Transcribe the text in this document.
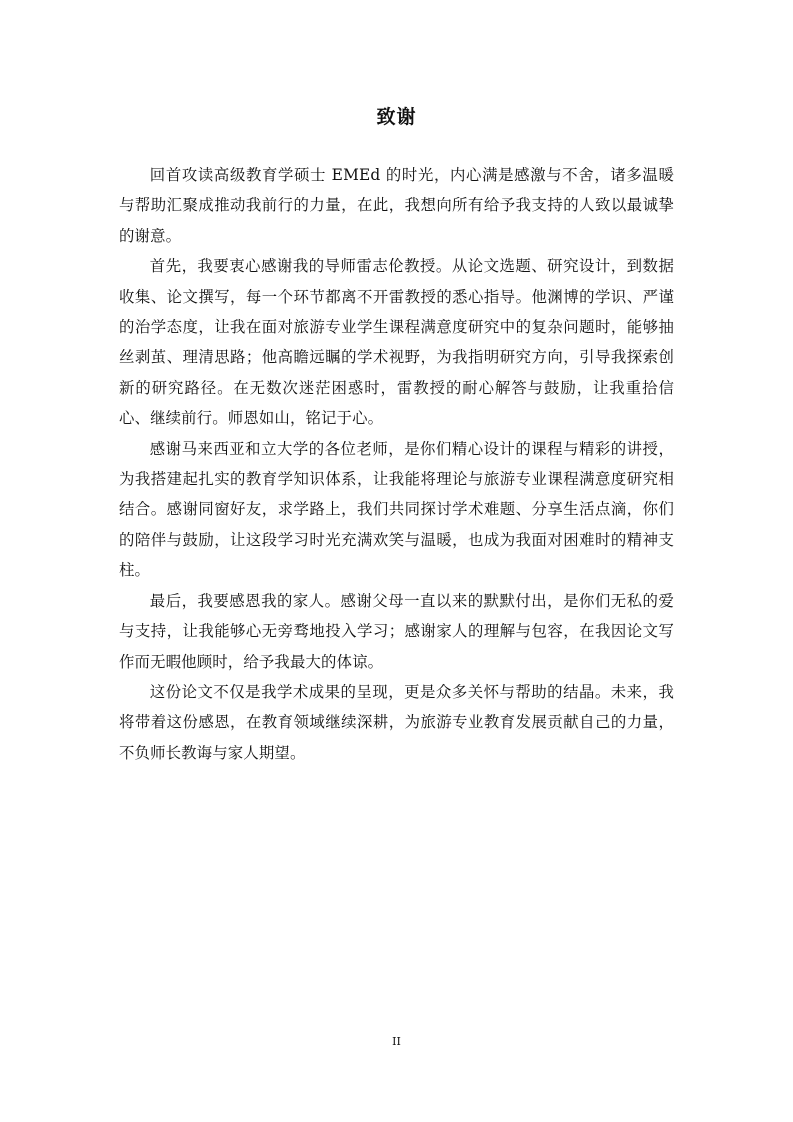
致谢

回首攻读高级教育学硕士 EMEd 的时光，内心满是感激与不舍，诸多温暖与帮助汇聚成推动我前行的力量，在此，我想向所有给予我支持的人致以最诚挚的谢意。

首先，我要衷心感谢我的导师雷志伦教授。从论文选题、研究设计，到数据收集、论文撰写，每一个环节都离不开雷教授的悉心指导。他渊博的学识、严谨的治学态度，让我在面对旅游专业学生课程满意度研究中的复杂问题时，能够抽丝剥茧、理清思路；他高瞻远瞩的学术视野，为我指明研究方向，引导我探索创新的研究路径。在无数次迷茫困惑时，雷教授的耐心解答与鼓励，让我重拾信心、继续前行。师恩如山，铭记于心。

感谢马来西亚和立大学的各位老师，是你们精心设计的课程与精彩的讲授，为我搭建起扎实的教育学知识体系，让我能将理论与旅游专业课程满意度研究相结合。感谢同窗好友，求学路上，我们共同探讨学术难题、分享生活点滴，你们的陪伴与鼓励，让这段学习时光充满欢笑与温暖，也成为我面对困难时的精神支柱。

最后，我要感恩我的家人。感谢父母一直以来的默默付出，是你们无私的爱与支持，让我能够心无旁骛地投入学习；感谢家人的理解与包容，在我因论文写作而无暇他顾时，给予我最大的体谅。

这份论文不仅是我学术成果的呈现，更是众多关怀与帮助的结晶。未来，我将带着这份感恩，在教育领域继续深耕，为旅游专业教育发展贡献自己的力量，不负师长教诲与家人期望。

II
